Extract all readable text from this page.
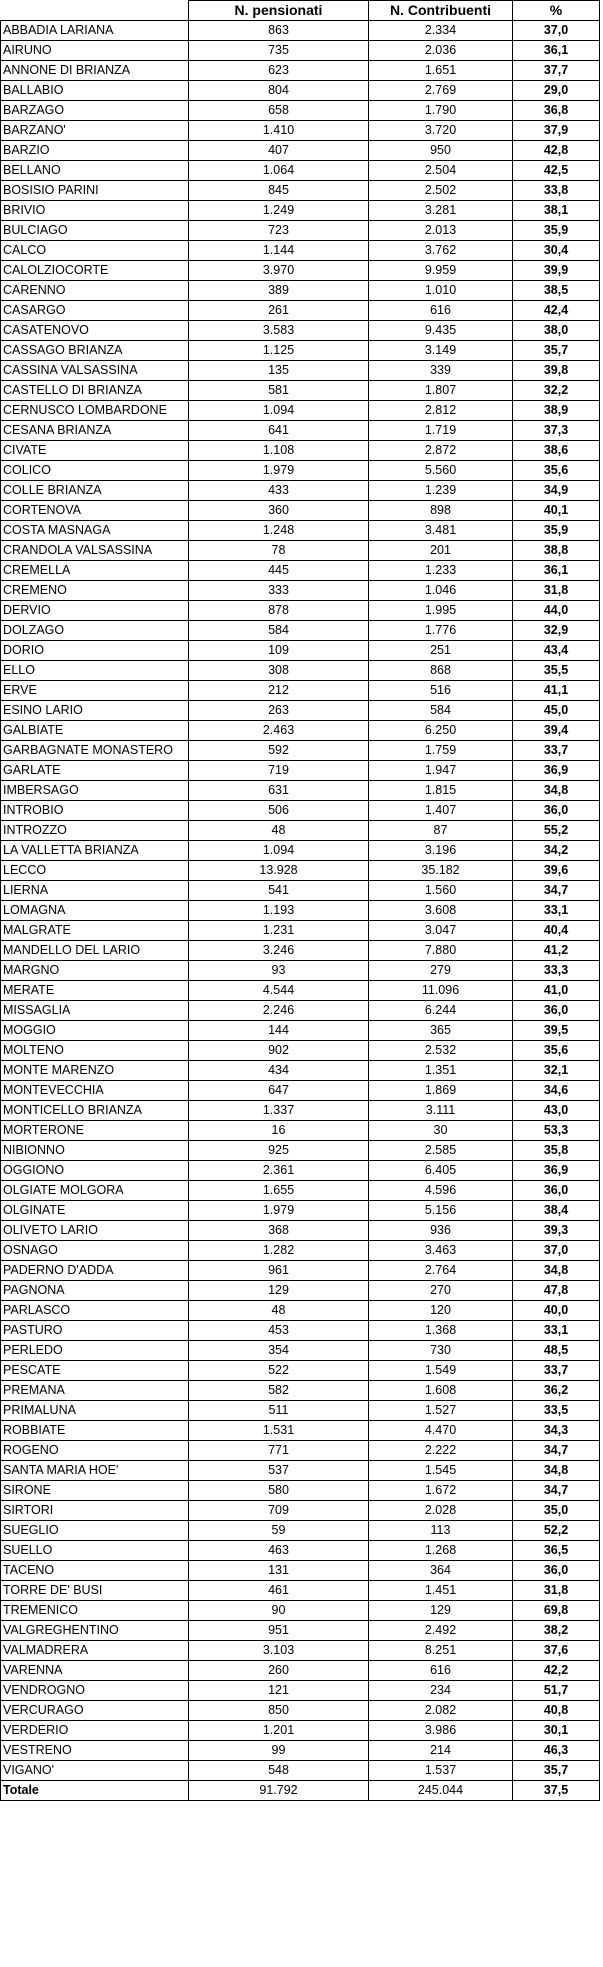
	N. pensionati	N. Contribuenti	%
ABBADIA LARIANA	863	2.334	37,0
AIRUNO	735	2.036	36,1
ANNONE DI BRIANZA	623	1.651	37,7
BALLABIO	804	2.769	29,0
BARZAGO	658	1.790	36,8
BARZANO'	1.410	3.720	37,9
BARZIO	407	950	42,8
BELLANO	1.064	2.504	42,5
BOSISIO PARINI	845	2.502	33,8
BRIVIO	1.249	3.281	38,1
BULCIAGO	723	2.013	35,9
CALCO	1.144	3.762	30,4
CALOLZIOCORTE	3.970	9.959	39,9
CARENNO	389	1.010	38,5
CASARGO	261	616	42,4
CASATENOVO	3.583	9.435	38,0
CASSAGO BRIANZA	1.125	3.149	35,7
CASSINA VALSASSINA	135	339	39,8
CASTELLO DI BRIANZA	581	1.807	32,2
CERNUSCO LOMBARDONE	1.094	2.812	38,9
CESANA BRIANZA	641	1.719	37,3
CIVATE	1.108	2.872	38,6
COLICO	1.979	5.560	35,6
COLLE BRIANZA	433	1.239	34,9
CORTENOVA	360	898	40,1
COSTA MASNAGA	1.248	3.481	35,9
CRANDOLA VALSASSINA	78	201	38,8
CREMELLA	445	1.233	36,1
CREMENO	333	1.046	31,8
DERVIO	878	1.995	44,0
DOLZAGO	584	1.776	32,9
DORIO	109	251	43,4
ELLO	308	868	35,5
ERVE	212	516	41,1
ESINO LARIO	263	584	45,0
GALBIATE	2.463	6.250	39,4
GARBAGNATE MONASTERO	592	1.759	33,7
GARLATE	719	1.947	36,9
IMBERSAGO	631	1.815	34,8
INTROBIO	506	1.407	36,0
INTROZZO	48	87	55,2
LA VALLETTA BRIANZA	1.094	3.196	34,2
LECCO	13.928	35.182	39,6
LIERNA	541	1.560	34,7
LOMAGNA	1.193	3.608	33,1
MALGRATE	1.231	3.047	40,4
MANDELLO DEL LARIO	3.246	7.880	41,2
MARGNO	93	279	33,3
MERATE	4.544	11.096	41,0
MISSAGLIA	2.246	6.244	36,0
MOGGIO	144	365	39,5
MOLTENO	902	2.532	35,6
MONTE MARENZO	434	1.351	32,1
MONTEVECCHIA	647	1.869	34,6
MONTICELLO BRIANZA	1.337	3.111	43,0
MORTERONE	16	30	53,3
NIBIONNO	925	2.585	35,8
OGGIONO	2.361	6.405	36,9
OLGIATE MOLGORA	1.655	4.596	36,0
OLGINATE	1.979	5.156	38,4
OLIVETO LARIO	368	936	39,3
OSNAGO	1.282	3.463	37,0
PADERNO D'ADDA	961	2.764	34,8
PAGNONA	129	270	47,8
PARLASCO	48	120	40,0
PASTURO	453	1.368	33,1
PERLEDO	354	730	48,5
PESCATE	522	1.549	33,7
PREMANA	582	1.608	36,2
PRIMALUNA	511	1.527	33,5
ROBBIATE	1.531	4.470	34,3
ROGENO	771	2.222	34,7
SANTA MARIA HOE'	537	1.545	34,8
SIRONE	580	1.672	34,7
SIRTORI	709	2.028	35,0
SUEGLIO	59	113	52,2
SUELLO	463	1.268	36,5
TACENO	131	364	36,0
TORRE DE' BUSI	461	1.451	31,8
TREMENICO	90	129	69,8
VALGREGHENTINO	951	2.492	38,2
VALMADRERA	3.103	8.251	37,6
VARENNA	260	616	42,2
VENDROGNO	121	234	51,7
VERCURAGO	850	2.082	40,8
VERDERIO	1.201	3.986	30,1
VESTRENO	99	214	46,3
VIGANO'	548	1.537	35,7
Totale	91.792	245.044	37,5
